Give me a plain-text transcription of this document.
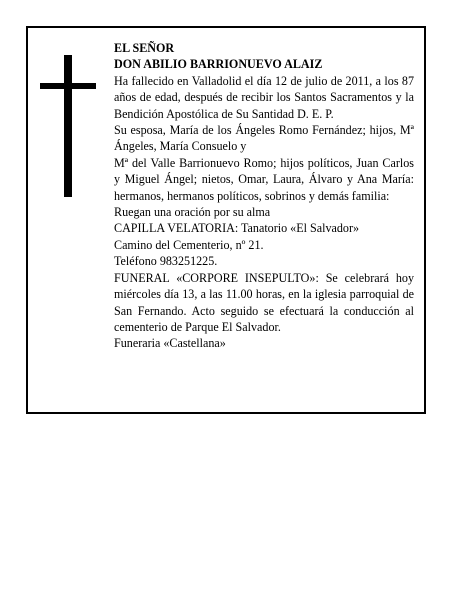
EL SEÑOR

DON ABILIO BARRIONUEVO ALAIZ

Ha fallecido en Valladolid el día 12 de julio de 2011, a los 87 años de edad, después de recibir los Santos Sacramentos y la Bendición Apostólica de Su Santidad D. E. P.

Su esposa, María de los Ángeles Romo Fernández; hijos, Mª Ángeles, María Consuelo y

Mª del Valle Barrionuevo Romo; hijos políticos, Juan Carlos y Miguel Ángel; nietos, Omar, Laura, Álvaro y Ana María: hermanos, hermanos políticos, sobrinos y demás familia:

Ruegan una oración por su alma

CAPILLA VELATORIA: Tanatorio «El Salvador»

Camino del Cementerio, nº 21.

Teléfono 983251225.

FUNERAL «CORPORE INSEPULTO»: Se celebrará hoy miércoles día 13, a las 11.00 horas, en la iglesia parroquial de San Fernando. Acto seguido se efectuará la conducción al cementerio de Parque El Salvador.

Funeraria «Castellana»
